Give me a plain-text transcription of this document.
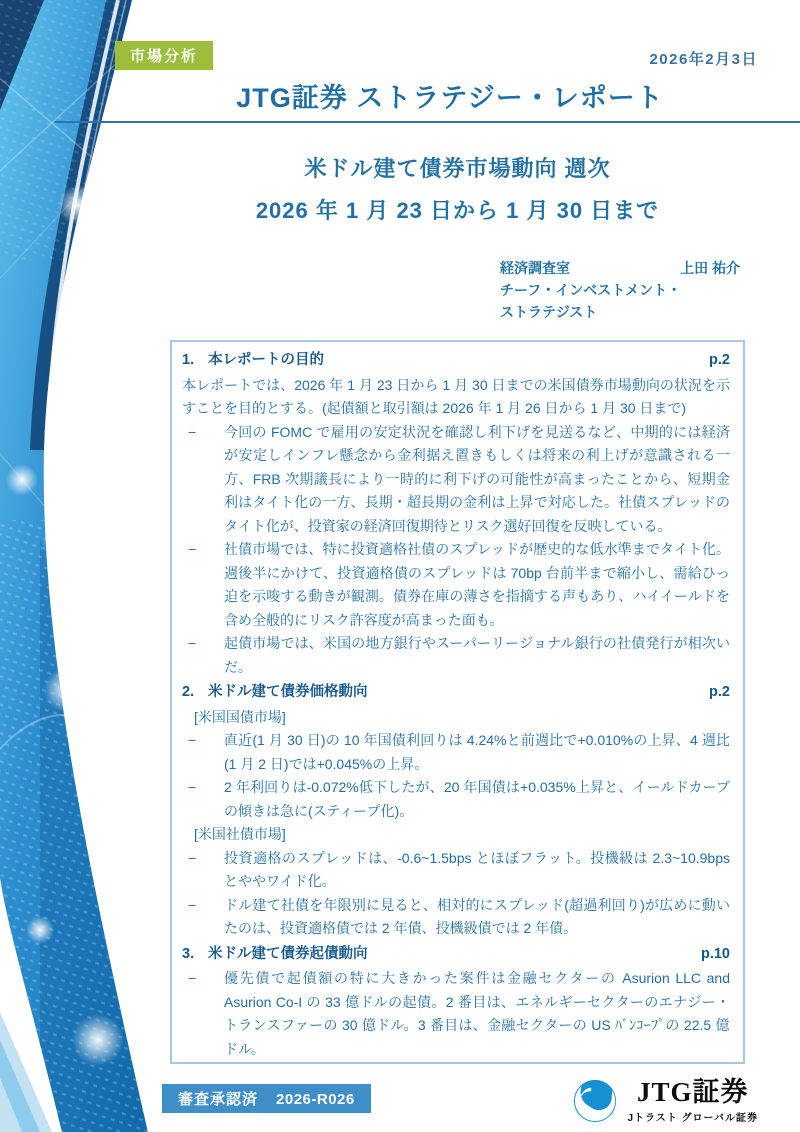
市場分析	2026年2月3日
JTG証券 ストラテジー・レポート
米ドル建て債券市場動向 週次
2026 年 1 月 23 日から 1 月 30 日まで
経済調査室	上田 祐介
チーフ・インベストメント・
ストラテジスト
1. 本レポートの目的	p.2
本レポートでは、2026 年 1 月 23 日から 1 月 30 日までの米国債券市場動向の状況を示すことを目的とする。(起債額と取引額は 2026 年 1 月 26 日から 1 月 30 日まで)
− 今回の FOMC で雇用の安定状況を確認し利下げを見送るなど、中期的には経済が安定しインフレ懸念から金利据え置きもしくは将来の利上げが意識される一方、FRB 次期議長により一時的に利下げの可能性が高まったことから、短期金利はタイト化の一方、長期・超長期の金利は上昇で対応した。社債スプレッドのタイト化が、投資家の経済回復期待とリスク選好回復を反映している。
− 社債市場では、特に投資適格社債のスプレッドが歴史的な低水準までタイト化。週後半にかけて、投資適格債のスプレッドは 70bp 台前半まで縮小し、需給ひっ迫を示唆する動きが観測。債券在庫の薄さを指摘する声もあり、ハイイールドを含め全般的にリスク許容度が高まった面も。
− 起債市場では、米国の地方銀行やスーパーリージョナル銀行の社債発行が相次いだ。
2. 米ドル建て債券価格動向	p.2
[米国国債市場]
− 直近(1 月 30 日)の 10 年国債利回りは 4.24%と前週比で+0.010%の上昇、4 週比(1 月 2 日)では+0.045%の上昇。
− 2 年利回りは-0.072%低下したが、20 年国債は+0.035%上昇と、イールドカーブの傾きは急に(スティープ化)。
[米国社債市場]
− 投資適格のスプレッドは、-0.6~1.5bps とほぼフラット。投機級は 2.3~10.9bps とややワイド化。
− ドル建て社債を年限別に見ると、相対的にスプレッド(超過利回り)が広めに動いたのは、投資適格債では 2 年債、投機級債では 2 年債。
3. 米ドル建て債券起債動向	p.10
− 優先債で起債額の特に大きかった案件は金融セクターの Asurion LLC and Asurion Co-I の 33 億ドルの起債。2 番目は、エネルギーセクターのエナジー・トランスファーの 30 億ドル。3 番目は、金融セクターの US ﾊﾞﾝｺｰﾌﾟの 22.5 億ドル。
審査承認済 2026-R026	JTG証券
Jトラスト グローバル証券
